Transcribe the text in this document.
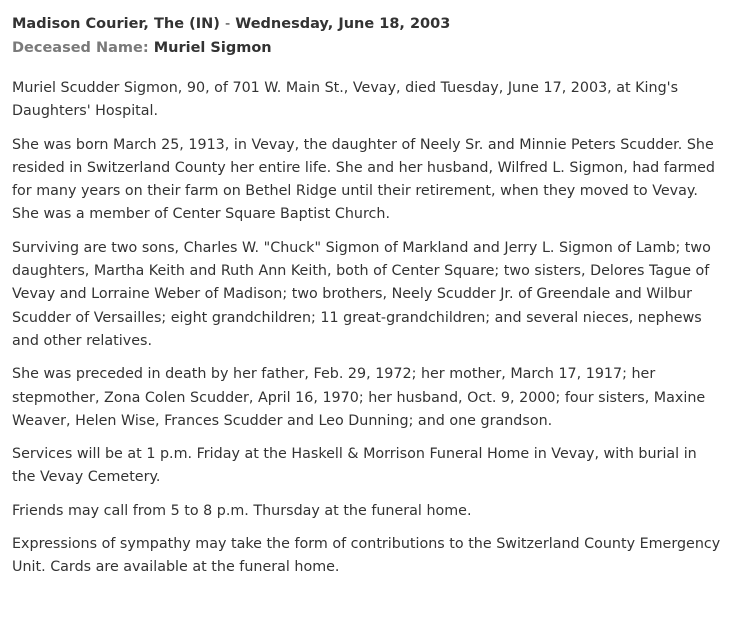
Madison Courier, The (IN) - Wednesday, June 18, 2003
Deceased Name: Muriel Sigmon

Muriel Scudder Sigmon, 90, of 701 W. Main St., Vevay, died Tuesday, June 17, 2003, at King's Daughters' Hospital.

She was born March 25, 1913, in Vevay, the daughter of Neely Sr. and Minnie Peters Scudder. She resided in Switzerland County her entire life. She and her husband, Wilfred L. Sigmon, had farmed for many years on their farm on Bethel Ridge until their retirement, when they moved to Vevay. She was a member of Center Square Baptist Church.

Surviving are two sons, Charles W. "Chuck" Sigmon of Markland and Jerry L. Sigmon of Lamb; two daughters, Martha Keith and Ruth Ann Keith, both of Center Square; two sisters, Delores Tague of Vevay and Lorraine Weber of Madison; two brothers, Neely Scudder Jr. of Greendale and Wilbur Scudder of Versailles; eight grandchildren; 11 great-grandchildren; and several nieces, nephews and other relatives.

She was preceded in death by her father, Feb. 29, 1972; her mother, March 17, 1917; her stepmother, Zona Colen Scudder, April 16, 1970; her husband, Oct. 9, 2000; four sisters, Maxine Weaver, Helen Wise, Frances Scudder and Leo Dunning; and one grandson.

Services will be at 1 p.m. Friday at the Haskell & Morrison Funeral Home in Vevay, with burial in the Vevay Cemetery.

Friends may call from 5 to 8 p.m. Thursday at the funeral home.

Expressions of sympathy may take the form of contributions to the Switzerland County Emergency Unit. Cards are available at the funeral home.
